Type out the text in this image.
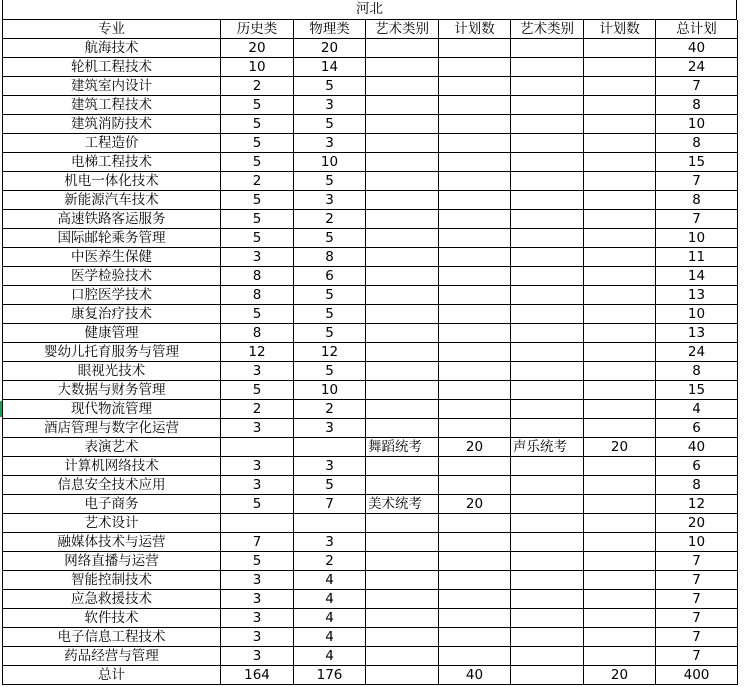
河北
专业	历史类	物理类	艺术类别	计划数	艺术类别	计划数	总计划
航海技术	20	20					40
轮机工程技术	10	14					24
建筑室内设计	2	5					7
建筑工程技术	5	3					8
建筑消防技术	5	5					10
工程造价	5	3					8
电梯工程技术	5	10					15
机电一体化技术	2	5					7
新能源汽车技术	5	3					8
高速铁路客运服务	5	2					7
国际邮轮乘务管理	5	5					10
中医养生保健	3	8					11
医学检验技术	8	6					14
口腔医学技术	8	5					13
康复治疗技术	5	5					10
健康管理	8	5					13
婴幼儿托育服务与管理	12	12					24
眼视光技术	3	5					8
大数据与财务管理	5	10					15
现代物流管理	2	2					4
酒店管理与数字化运营	3	3					6
表演艺术			舞蹈统考	20	声乐统考	20	40
计算机网络技术	3	3					6
信息安全技术应用	3	5					8
电子商务	5	7	美术统考	20			12
艺术设计							20
融媒体技术与运营	7	3					10
网络直播与运营	5	2					7
智能控制技术	3	4					7
应急救援技术	3	4					7
软件技术	3	4					7
电子信息工程技术	3	4					7
药品经营与管理	3	4					7
总计	164	176		40		20	400
